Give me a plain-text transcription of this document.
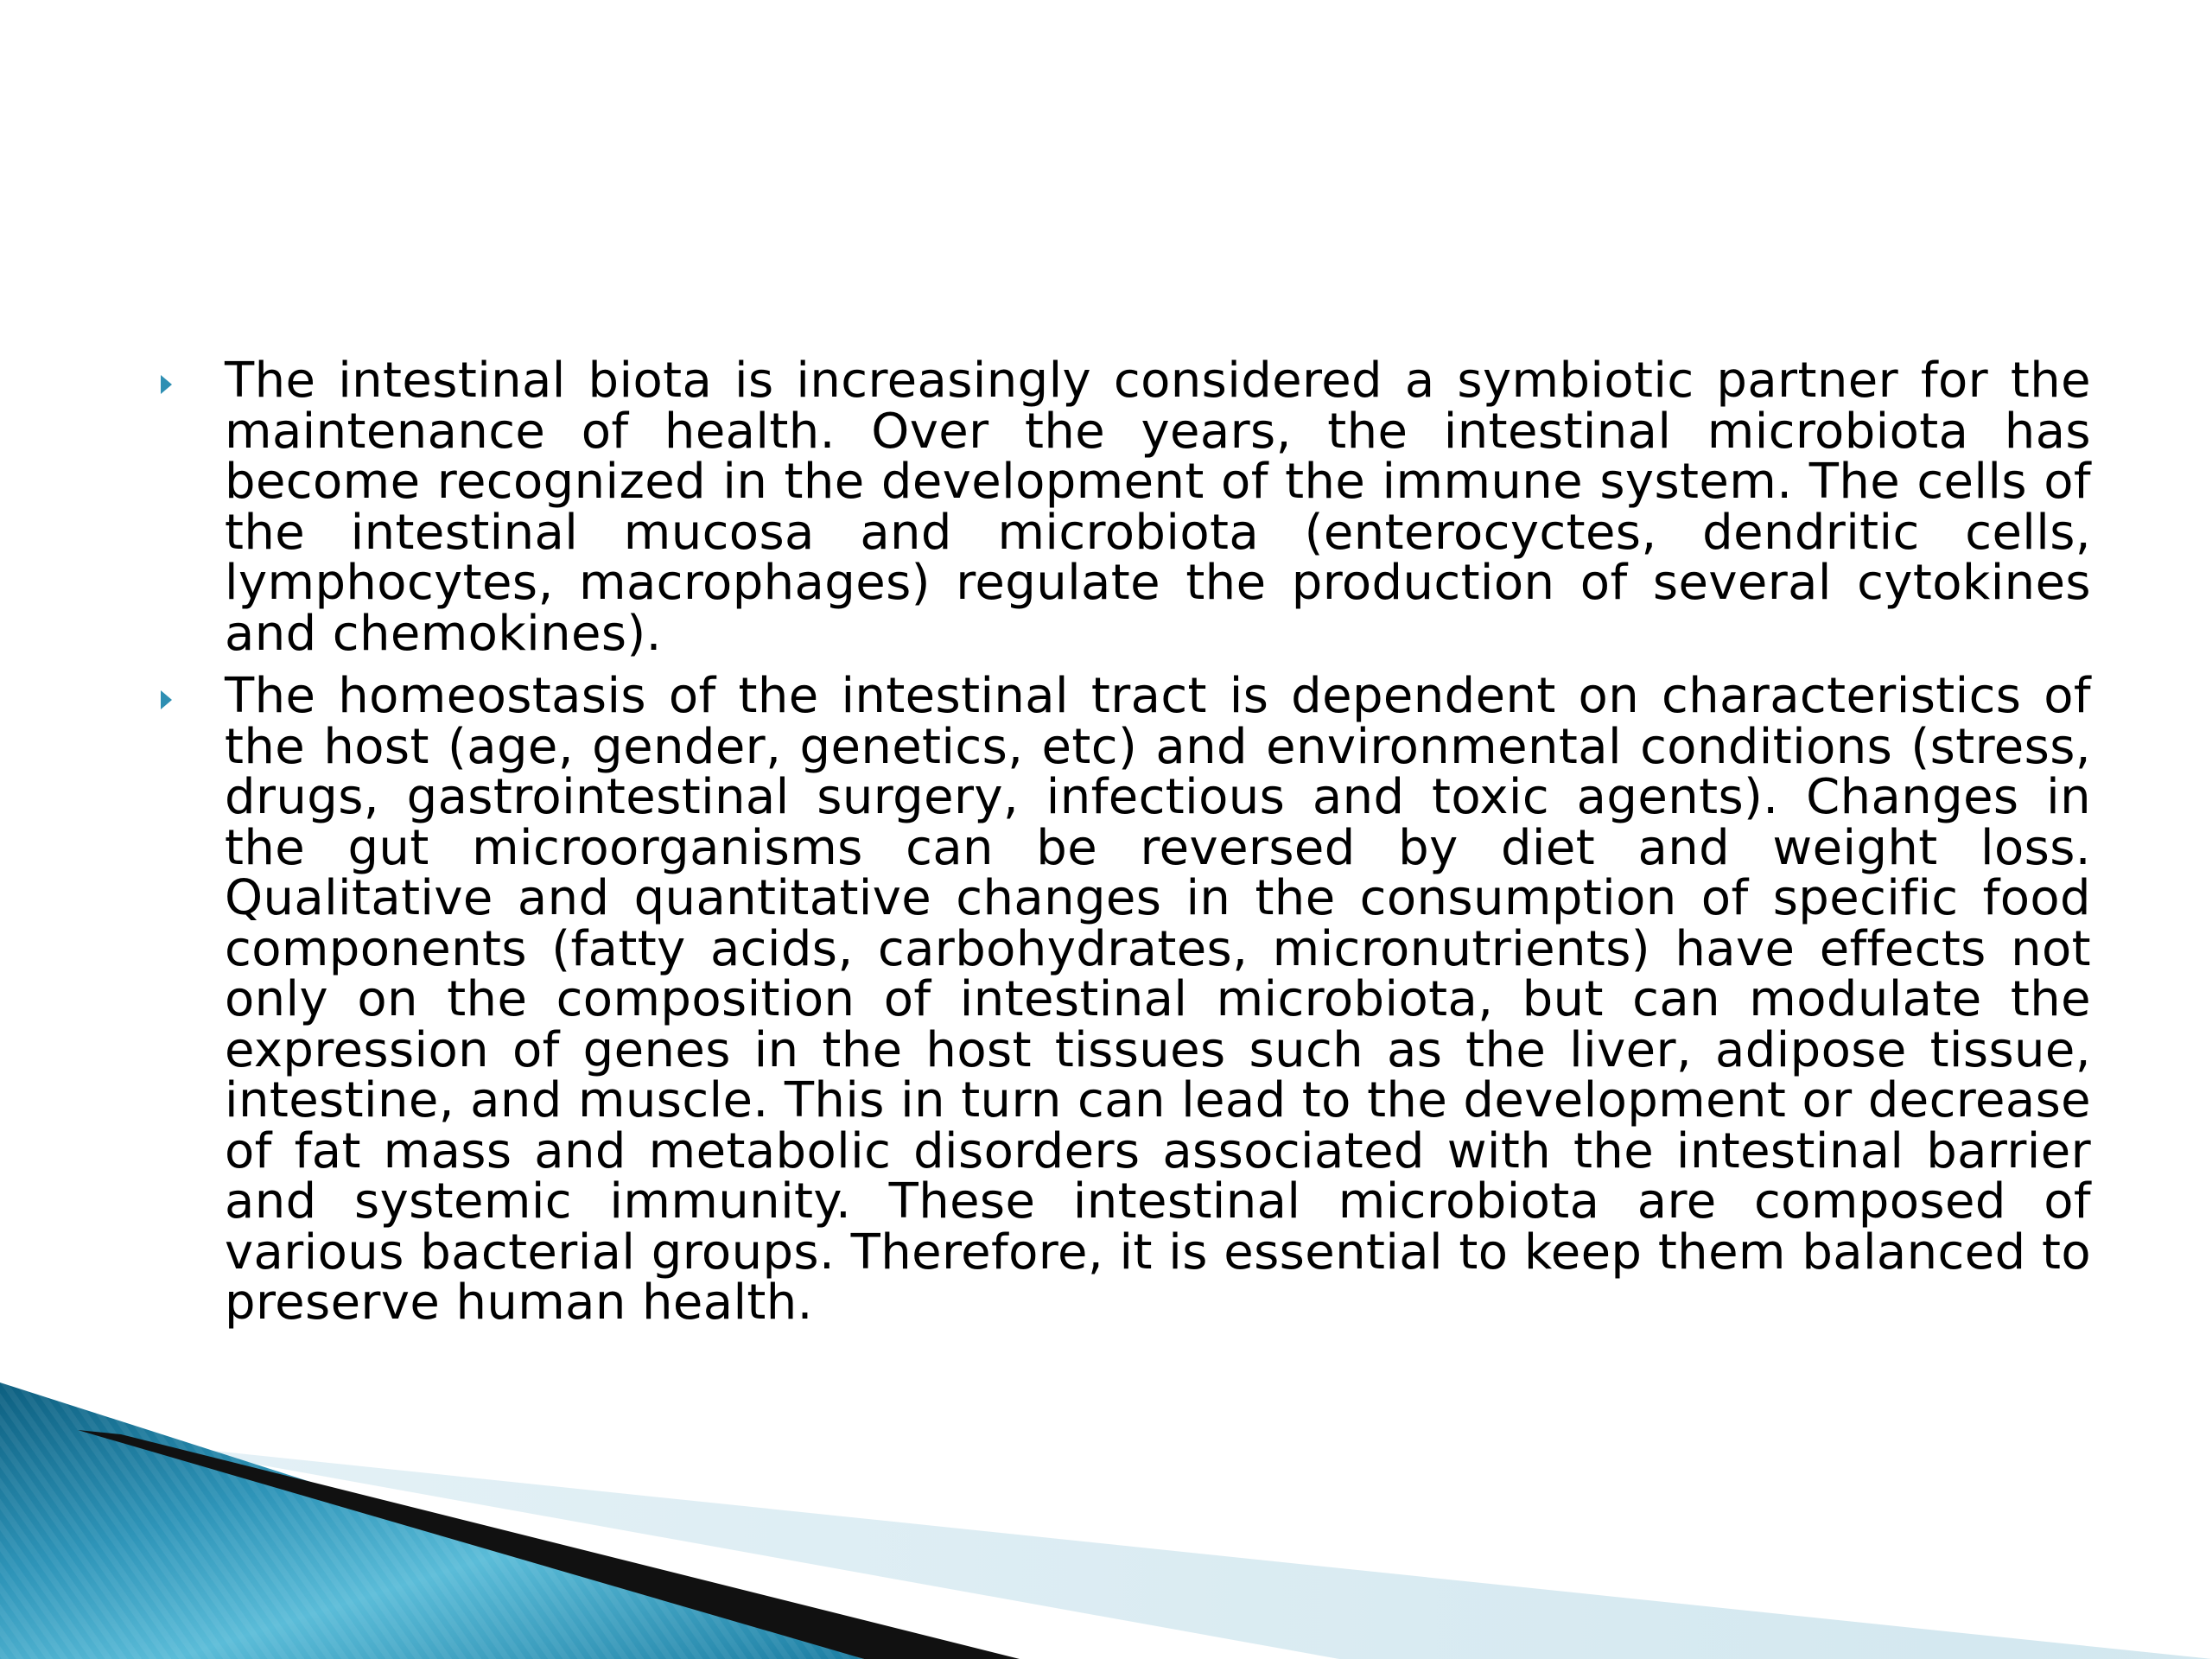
The intestinal biota is increasingly considered a symbiotic partner for the maintenance of health. Over the years, the intestinal microbiota has become recognized in the development of the immune system. The cells of the intestinal mucosa and microbiota (enterocyctes, dendritic cells, lymphocytes, macrophages) regulate the production of several cytokines and chemokines).

The homeostasis of the intestinal tract is dependent on characteristics of the host (age, gender, genetics, etc) and environmental conditions (stress, drugs, gastrointestinal surgery, infectious and toxic agents). Changes in the gut microorganisms can be reversed by diet and weight loss. Qualitative and quantitative changes in the consumption of specific food components (fatty acids, carbohydrates, micronutrients) have effects not only on the composition of intestinal microbiota, but can modulate the expression of genes in the host tissues such as the liver, adipose tissue, intestine, and muscle. This in turn can lead to the development or decrease of fat mass and metabolic disorders associated with the intestinal barrier and systemic immunity. These intestinal microbiota are composed of various bacterial groups. Therefore, it is essential to keep them balanced to preserve human health.
